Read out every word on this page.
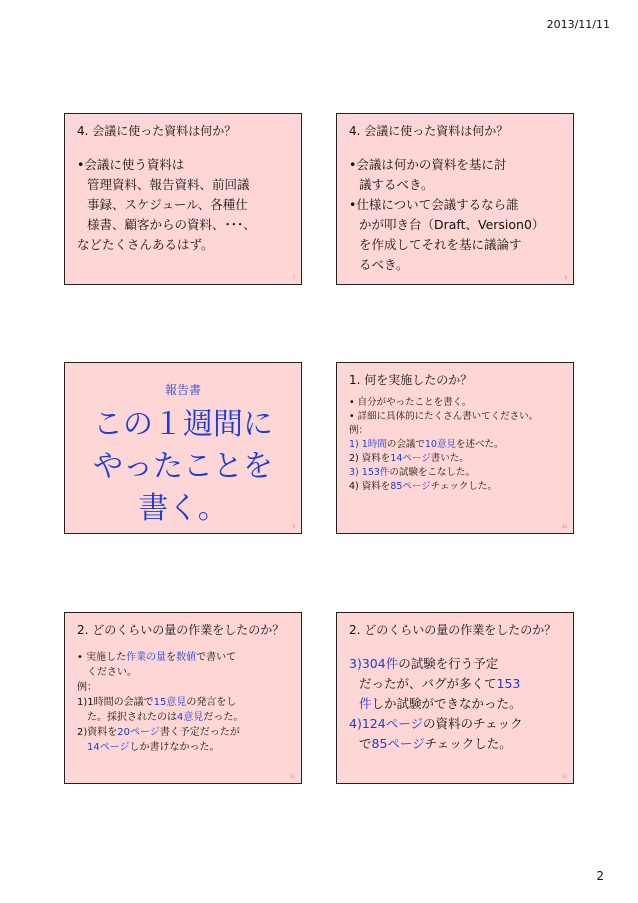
2013/11/11
4. 会議に使った資料は何か？
•会議に使う資料は
管理資料、報告資料、前回議
事録、スケジュール、各種仕
様書、顧客からの資料、･･･、
などたくさんあるはず。
7
4. 会議に使った資料は何か？
•会議は何かの資料を基に討
議するべき。
•仕様について会議するなら誰
かが叩き台（Draft、Version0）
を作成してそれを基に議論す
るべき。
8
報告書
この１週間に
やったことを
書く。
9
1. 何を実施したのか？
• 自分がやったことを書く。
• 詳細に具体的にたくさん書いてください。
例：
1) 1時間の会議で10意見を述べた。
2) 資料を14ページ書いた。
3) 153件の試験をこなした。
4) 資料を85ページチェックした。
10
2. どのくらいの量の作業をしたのか？
• 実施した作業の量を数値で書いて
ください。
例：
1)1時間の会議で15意見の発言をし
た。採択されたのは4意見だった。
2)資料を20ページ書く予定だったが
14ページしか書けなかった。
11
2. どのくらいの量の作業をしたのか？
3)304件の試験を行う予定
だったが、バグが多くて153
件しか試験ができなかった。
4)124ページの資料のチェック
で85ページチェックした。
12
2
